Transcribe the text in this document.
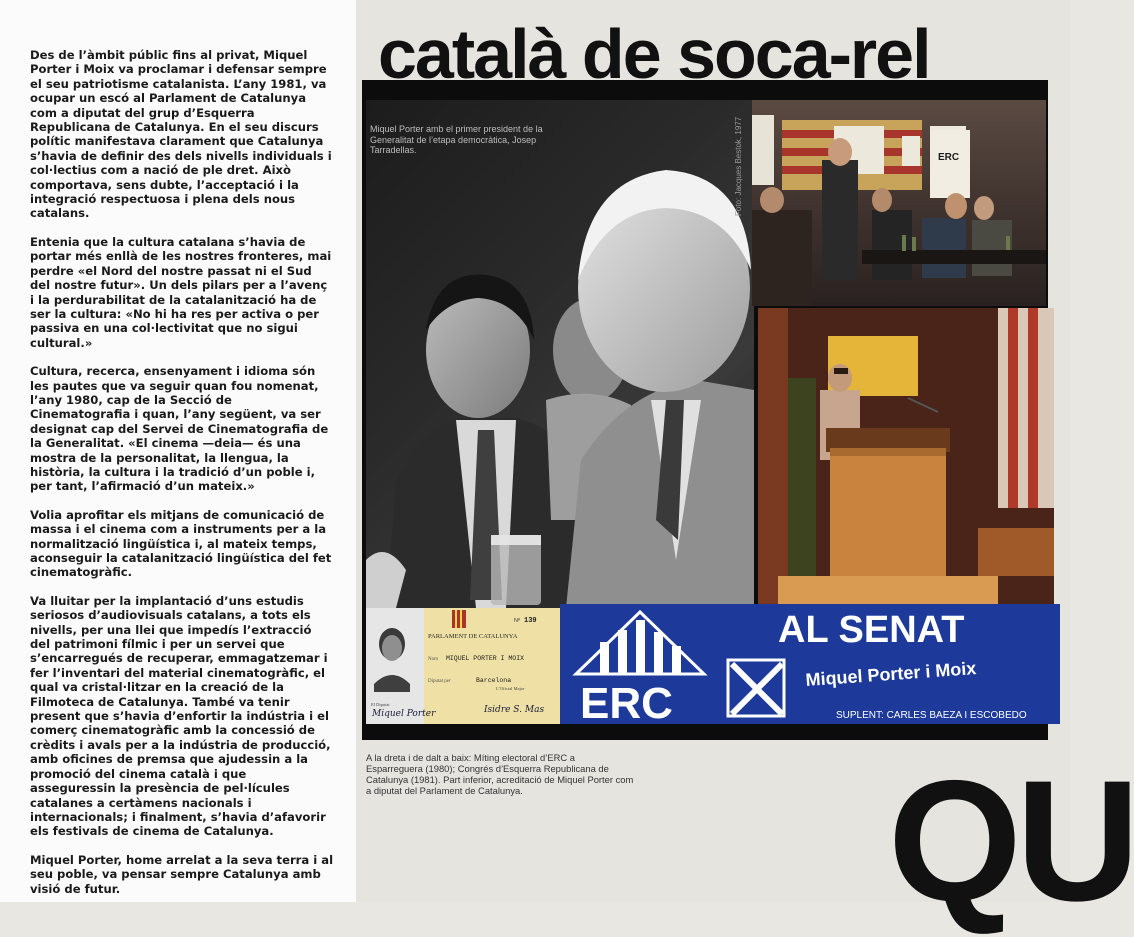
Des de l’àmbit públic fins al privat, Miquel Porter i Moix va proclamar i defensar sempre el seu patriotisme catalanista. L’any 1981, va ocupar un escó al Parlament de Catalunya com a diputat del grup d’Esquerra Republicana de Catalunya. En el seu discurs polític manifestava clarament que Catalunya s’havia de definir des dels nivells individuals i col·lectius com a nació de ple dret. Això comportava, sens dubte, l’acceptació i la integració respectuosa i plena dels nous catalans.

Entenia que la cultura catalana s’havia de portar més enllà de les nostres fronteres, mai perdre «el Nord del nostre passat ni el Sud del nostre futur». Un dels pilars per a l’avenç i la perdurabilitat de la catalanització ha de ser la cultura: «No hi ha res per activa o per passiva en una col·lectivitat que no sigui cultural.»

Cultura, recerca, ensenyament i idioma són les pautes que va seguir quan fou nomenat, l’any 1980, cap de la Secció de Cinematografia i quan, l’any següent, va ser designat cap del Servei de Cinematografia de la Generalitat. «El cinema —deia— és una mostra de la personalitat, la llengua, la història, la cultura i la tradició d’un poble i, per tant, l’afirmació d’un mateix.»

Volia aprofitar els mitjans de comunicació de massa i el cinema com a instruments per a la normalització lingüística i, al mateix temps, aconseguir la catalanització lingüística del fet cinematogràfic.

Va lluitar per la implantació d’uns estudis seriosos d’audiovisuals catalans, a tots els nivells, per una llei que impedís l’extracció del patrimoni fílmic i per un servei que s’encarregués de recuperar, emmagatzemar i fer l’inventari del material cinematogràfic, el qual va cristal·litzar en la creació de la Filmoteca de Catalunya. També va tenir present que s’havia d’enfortir la indústria i el comerç cinematogràfic amb la concessió de crèdits i avals per a la indústria de producció, amb oficines de premsa que ajudessin a la promoció del cinema català i que asseguressin la presència de pel·lícules catalanes a certàmens nacionals i internacionals; i finalment, s’havia d’afavorir els festivals de cinema de Catalunya.

Miquel Porter, home arrelat a la seva terra i al seu poble, va pensar sempre Catalunya amb visió de futur.

Miquel Porter amb el primer president de la Generalitat de l’etapa democràtica, Josep Tarradellas.	Foto: Jacques Bestok, 1977	ERC
PARLAMENT DE CATALUNYA
Nº 139
Nom MIQUEL PORTER I MOIX
Diputat per	Barcelona
El Diputat
L’Oficial Major
Miquel Porter	Isidre S. Mas ERC
AL SENAT
Miquel Porter i Moix
SUPLENT: CARLES BAEZA I ESCOBEDO
A la dreta i de dalt a baix: Míting electoral d’ERC a Esparreguera (1980); Congrés d’Esquerra Republicana de Catalunya (1981). Part inferior, acreditació de Miquel Porter com a diputat del Parlament de Catalunya.
català de soca-rel
QU
